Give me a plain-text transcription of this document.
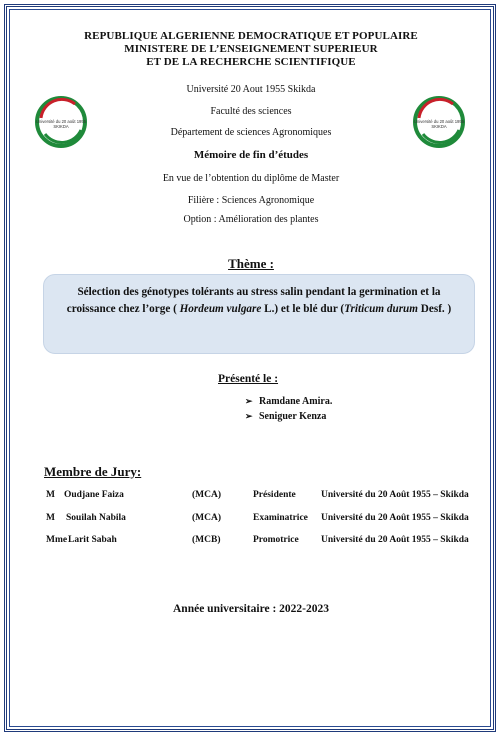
REPUBLIQUE ALGERIENNE DEMOCRATIQUE ET POPULAIRE
MINISTERE DE L’ENSEIGNEMENT SUPERIEUR
ET DE LA RECHERCHE SCIENTIFIQUE
Université du 20 août 1955
SKIKDA
Université du 20 août 1955
SKIKDA
Université 20 Aout 1955 Skikda
Faculté des sciences
Département de sciences Agronomiques
Mémoire de fin d’études
En vue de l’obtention du diplôme de Master
Filière : Sciences Agronomique
Option : Amélioration des plantes
Thème :
Sélection des génotypes tolérants au stress salin pendant la germination et la croissance chez l’orge ( Hordeum vulgare L.) et le blé dur (Triticum durum Desf. )
Présenté le :
➢ Ramdane Amira.
➢ Seniguer Kenza
Membre de Jury:
M Oudjane Faiza	(MCA)	Présidente	Université du 20 Août 1955 – Skikda
M Souilah Nabila	(MCA)	Examinatrice Université du 20 Août 1955 – Skikda
Mme Larit Sabah	(MCB)	Promotrice Université du 20 Août 1955 – Skikda
Année universitaire : 2022-2023
